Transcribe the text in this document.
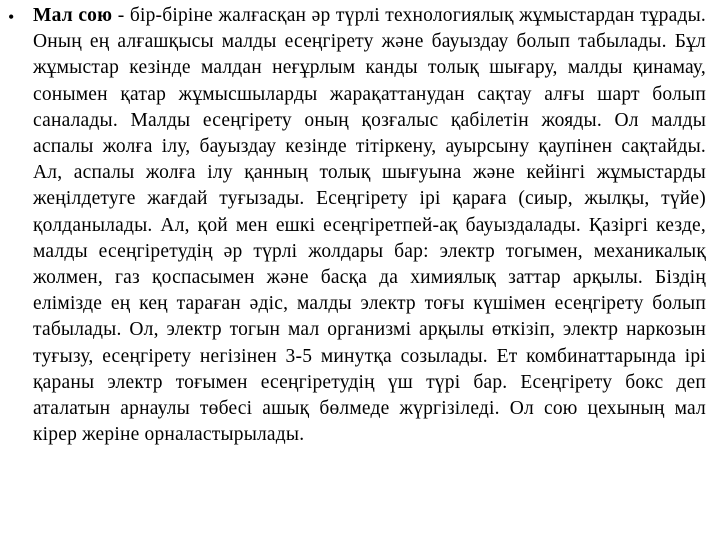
• Мал сою - бір-біріне жалғасқан әр түрлі технологиялық жұмыстардан тұрады. Оның ең алғашқысы малды есеңгірету және бауыздау болып табылады. Бұл жұмыстар кезінде малдан неғұрлым канды толық шығару, малды қинамау, сонымен қатар жұмысшыларды жарақаттанудан сақтау алғы шарт болып саналады. Малды есеңгірету оның қозғалыс қабілетін жояды. Ол малды аспалы жолға ілу, бауыздау кезінде тітіркену, ауырсыну қаупінен сақтайды. Ал, аспалы жолға ілу қанның толық шығуына және кейінгі жұмыстарды жеңілдетуге жағдай туғызады. Есеңгірету ірі қараға (сиыр, жылқы, түйе) қолданылады. Ал, қой мен ешкі есеңгіретпей-ақ бауыздалады. Қазіргі кезде, малды есеңгіретудің әр түрлі жолдары бар: электр тогымен, механикалық жолмен, газ қоспасымен және басқа да химиялық заттар арқылы. Біздің елімізде ең кең тараған әдіс, малды электр тоғы күшімен есеңгірету болып табылады. Ол, электр тогын мал организмі арқылы өткізіп, электр наркозын туғызу, есеңгірету негізінен 3-5 минутқа созылады. Ет комбинаттарында ірі қараны электр тоғымен есеңгіретудің үш түрі бар. Есеңгірету бокс деп аталатын арнаулы төбесі ашық бөлмеде жүргізіледі. Ол сою цехының мал кірер жеріне орналастырылады.
